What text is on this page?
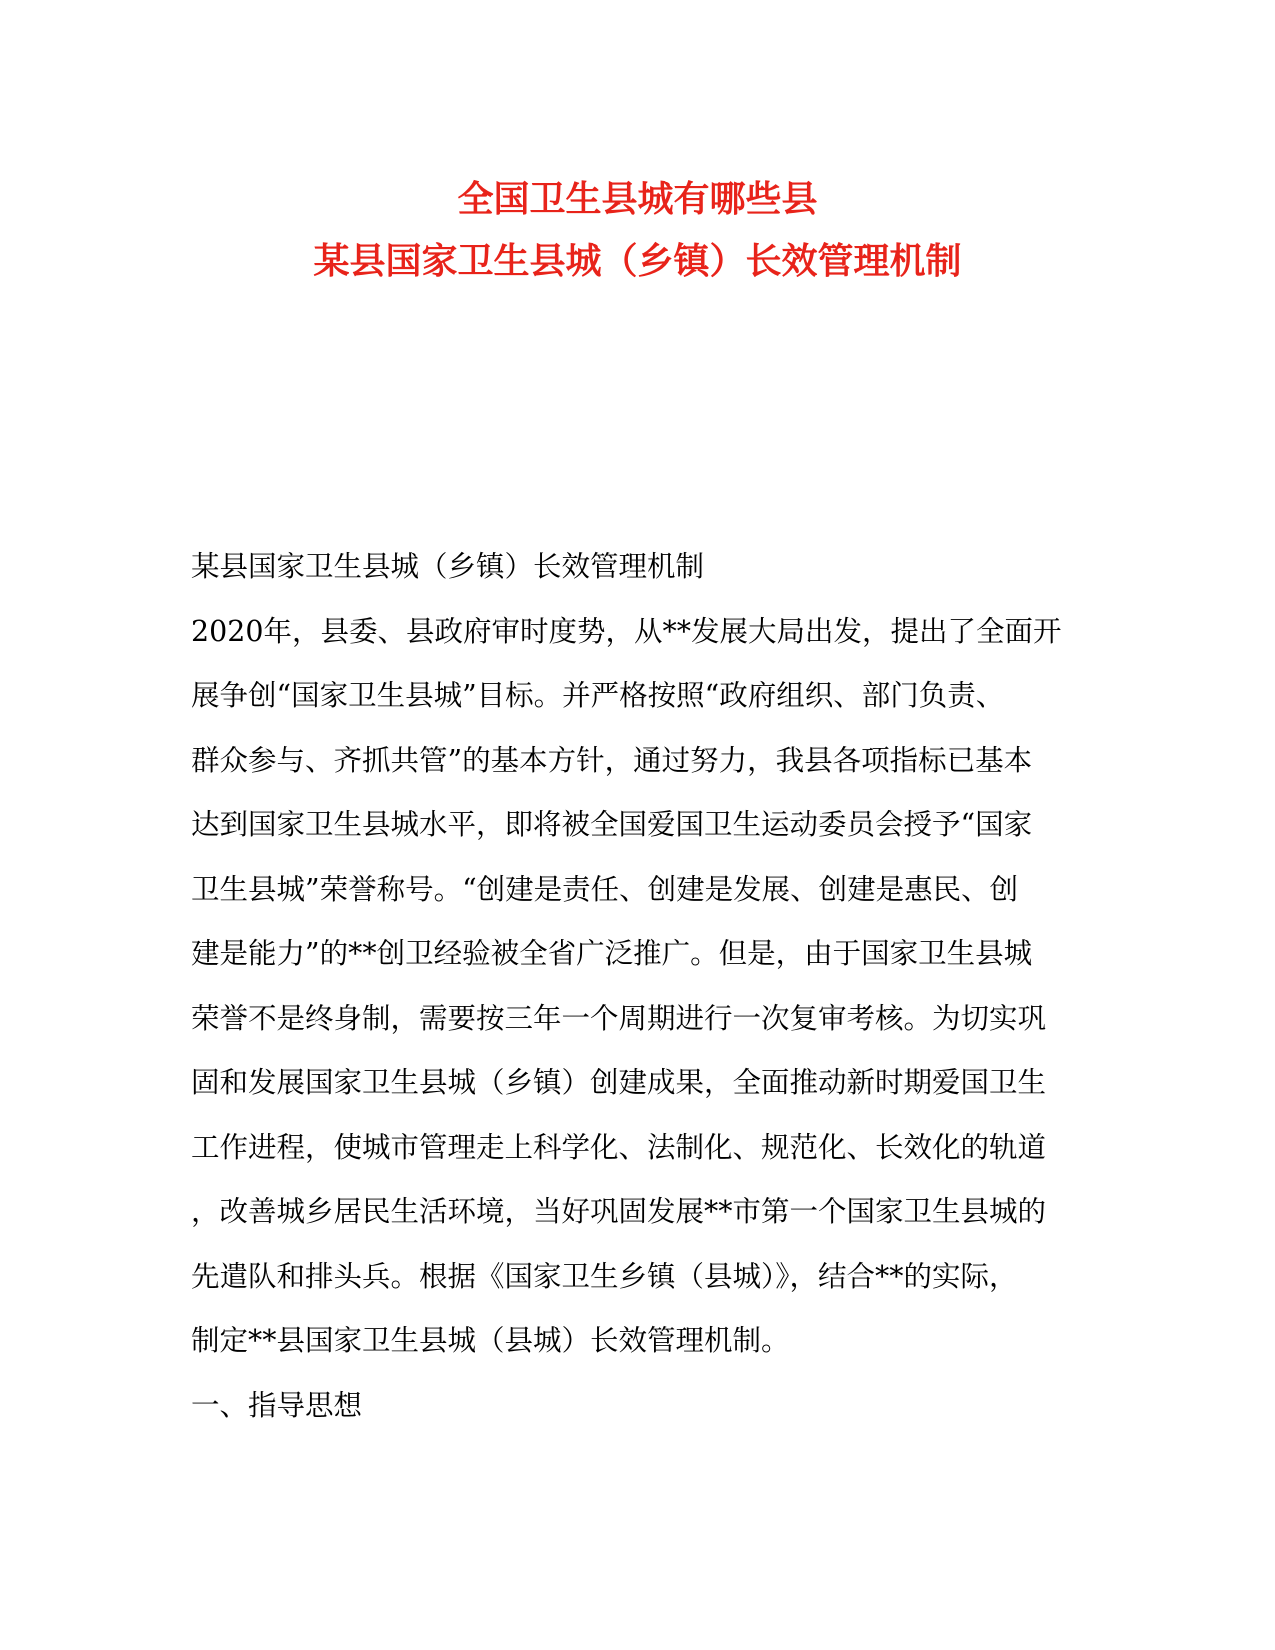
全国卫生县城有哪些县
某县国家卫生县城（乡镇）长效管理机制
某县国家卫生县城（乡镇）长效管理机制
2020年，县委、县政府审时度势，从**发展大局出发，提出了全面开
展争创“国家卫生县城”目标。并严格按照“政府组织、部门负责、
群众参与、齐抓共管”的基本方针，通过努力，我县各项指标已基本
达到国家卫生县城水平，即将被全国爱国卫生运动委员会授予“国家
卫生县城”荣誉称号。“创建是责任、创建是发展、创建是惠民、创
建是能力”的**创卫经验被全省广泛推广。但是，由于国家卫生县城
荣誉不是终身制，需要按三年一个周期进行一次复审考核。为切实巩
固和发展国家卫生县城（乡镇）创建成果，全面推动新时期爱国卫生
工作进程，使城市管理走上科学化、法制化、规范化、长效化的轨道
，改善城乡居民生活环境，当好巩固发展**市第一个国家卫生县城的
先遣队和排头兵。根据《国家卫生乡镇（县城）》，结合**的实际，
制定**县国家卫生县城（县城）长效管理机制。
一、指导思想
